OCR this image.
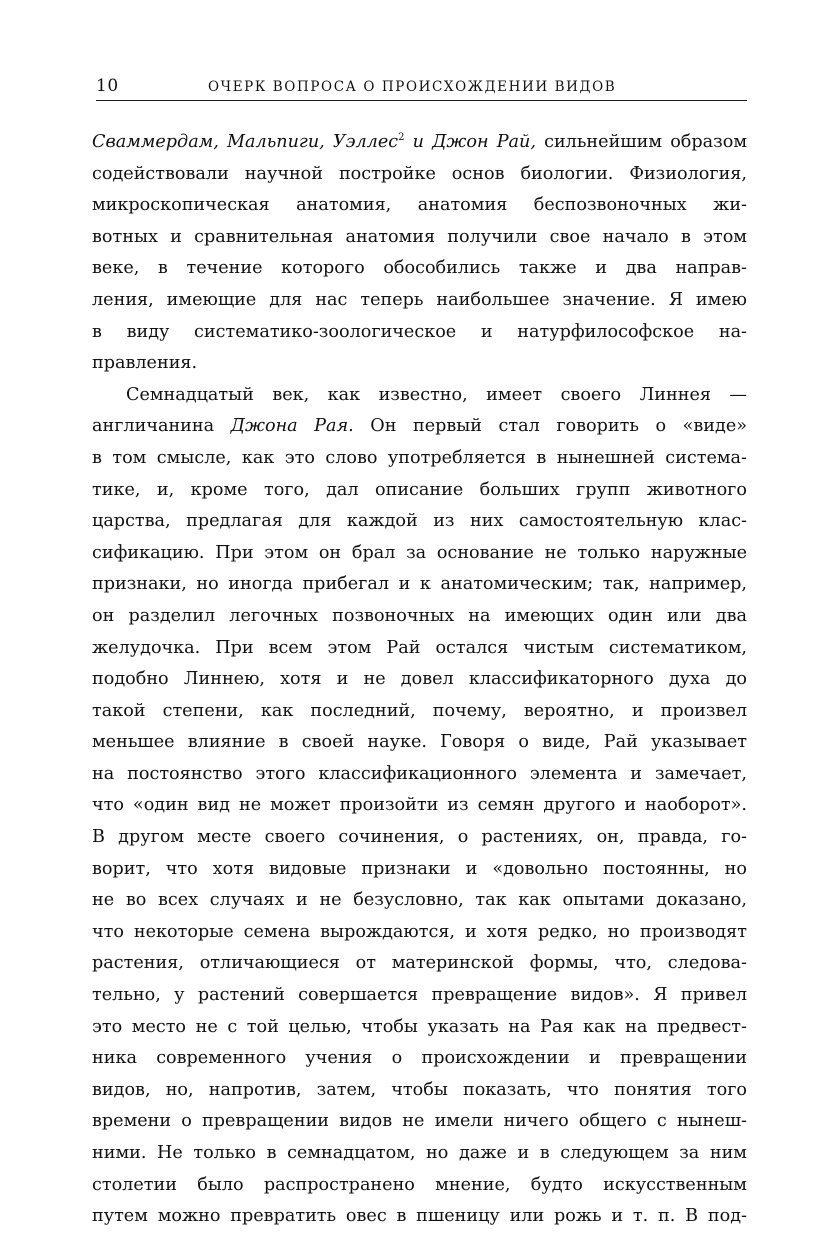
10	ОЧЕРК ВОПРОСА О ПРОИСХОЖДЕНИИ ВИДОВ
Сваммердам, Мальпиги, Уэллес$^2$ и Джон Рай, сильнейшим образом
содействовали научной постройке основ биологии. Физиология,
микроскопическая анатомия, анатомия беспозвоночных жи-
вотных и сравнительная анатомия получили свое начало в этом
веке, в течение которого обособились также и два направ-
ления, имеющие для нас теперь наибольшее значение. Я имею
в виду систематико-зоологическое и натурфилософское на-
правления.
Семнадцатый век, как известно, имеет своего Линнея —
англичанина Джона Рая. Он первый стал говорить о «виде»
в том смысле, как это слово употребляется в нынешней система-
тике, и, кроме того, дал описание больших групп животного
царства, предлагая для каждой из них самостоятельную клас-
сификацию. При этом он брал за основание не только наружные
признаки, но иногда прибегал и к анатомическим; так, например,
он разделил легочных позвоночных на имеющих один или два
желудочка. При всем этом Рай остался чистым систематиком,
подобно Линнею, хотя и не довел классификаторного духа до
такой степени, как последний, почему, вероятно, и произвел
меньшее влияние в своей науке. Говоря о виде, Рай указывает
на постоянство этого классификационного элемента и замечает,
что «один вид не может произойти из семян другого и наоборот».
В другом месте своего сочинения, о растениях, он, правда, го-
ворит, что хотя видовые признаки и «довольно постоянны, но
не во всех случаях и не безусловно, так как опытами доказано,
что некоторые семена вырождаются, и хотя редко, но производят
растения, отличающиеся от материнской формы, что, следова-
тельно, у растений совершается превращение видов». Я привел
это место не с той целью, чтобы указать на Рая как на предвест-
ника современного учения о происхождении и превращении
видов, но, напротив, затем, чтобы показать, что понятия того
времени о превращении видов не имели ничего общего с нынеш-
ними. Не только в семнадцатом, но даже и в следующем за ним
столетии было распространено мнение, будто искусственным
путем можно превратить овес в пшеницу или рожь и т. п. В под-
